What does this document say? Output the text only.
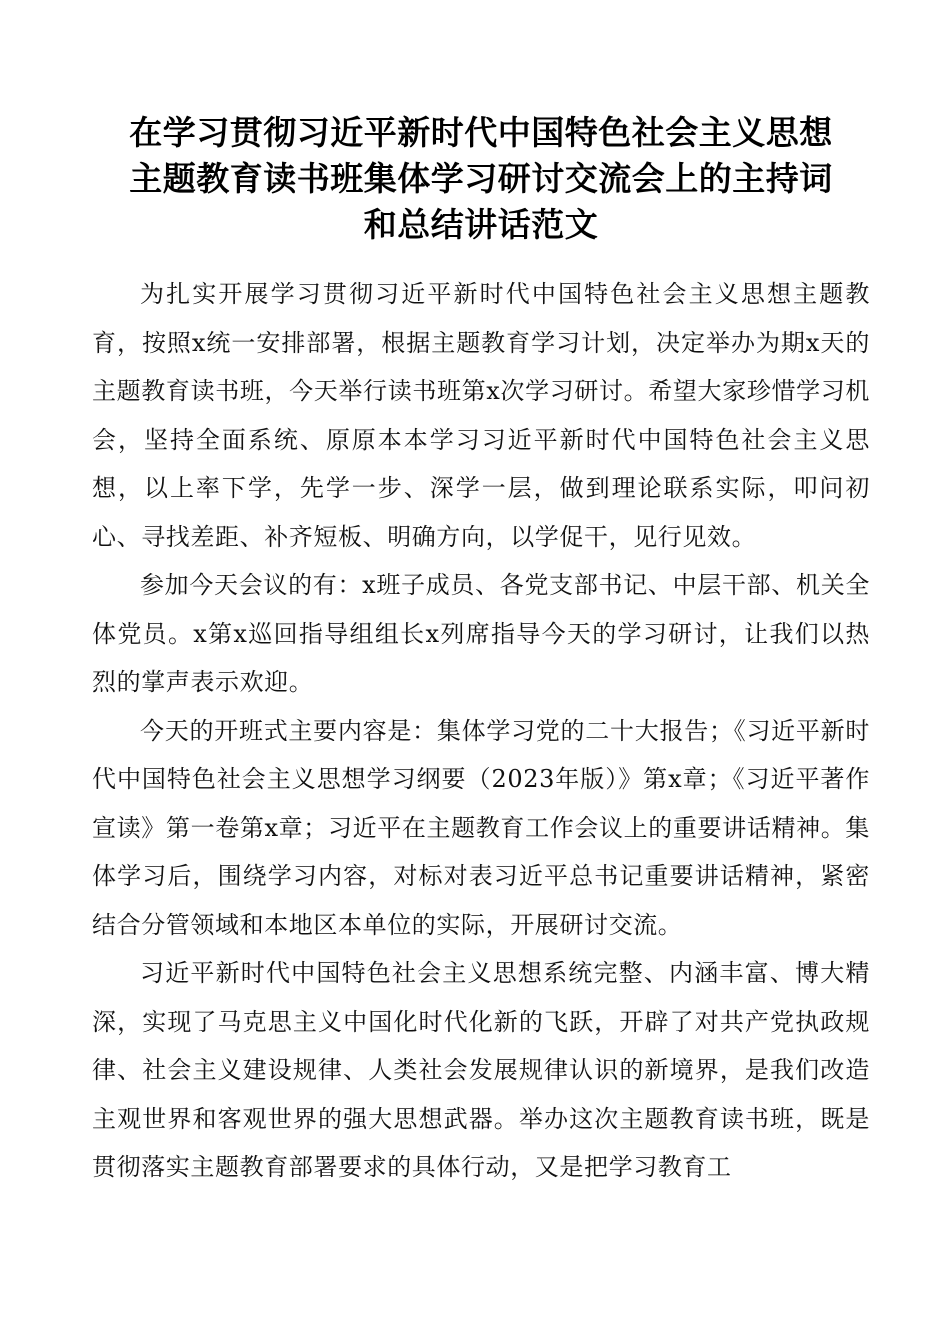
在学习贯彻习近平新时代中国特色社会主义思想
主题教育读书班集体学习研讨交流会上的主持词
和总结讲话范文

为扎实开展学习贯彻习近平新时代中国特色社会主义思想主题教育，按照x统一安排部署，根据主题教育学习计划，决定举办为期x天的主题教育读书班，今天举行读书班第x次学习研讨。希望大家珍惜学习机会，坚持全面系统、原原本本学习习近平新时代中国特色社会主义思想，以上率下学，先学一步、深学一层，做到理论联系实际，叩问初心、寻找差距、补齐短板、明确方向，以学促干，见行见效。

参加今天会议的有：x班子成员、各党支部书记、中层干部、机关全体党员。x第x巡回指导组组长x列席指导今天的学习研讨，让我们以热烈的掌声表示欢迎。

今天的开班式主要内容是：集体学习党的二十大报告；《习近平新时代中国特色社会主义思想学习纲要（2023年版）》第x章；《习近平著作宣读》第一卷第x章；习近平在主题教育工作会议上的重要讲话精神。集体学习后，围绕学习内容，对标对表习近平总书记重要讲话精神，紧密结合分管领域和本地区本单位的实际，开展研讨交流。

习近平新时代中国特色社会主义思想系统完整、内涵丰富、博大精深，实现了马克思主义中国化时代化新的飞跃，开辟了对共产党执政规律、社会主义建设规律、人类社会发展规律认识的新境界，是我们改造主观世界和客观世界的强大思想武器。举办这次主题教育读书班，既是贯彻落实主题教育部署要求的具体行动，又是把学习教育工
